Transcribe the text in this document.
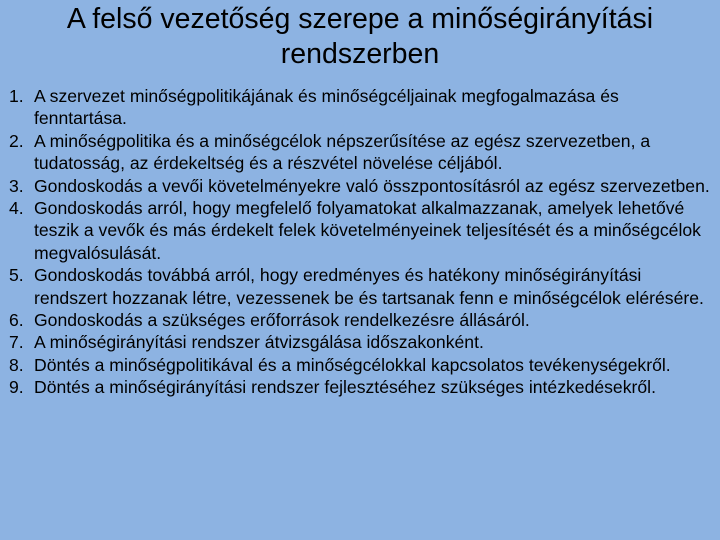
A felső vezetőség szerepe a minőségirányítási rendszerben
1. A szervezet minőségpolitikájának és minőségcéljainak megfogalmazása és fenntartása.
2. A minőségpolitika és a minőségcélok népszerűsítése az egész szervezetben, a tudatosság, az érdekeltség és a részvétel növelése céljából.
3. Gondoskodás a vevői követelményekre való összpontosításról az egész szervezetben.
4. Gondoskodás arról, hogy megfelelő folyamatokat alkalmazzanak, amelyek lehetővé teszik a vevők és más érdekelt felek követelményeinek teljesítését és a minőségcélok megvalósulását.
5. Gondoskodás továbbá arról, hogy eredményes és hatékony minőségirányítási rendszert hozzanak létre, vezessenek be és tartsanak fenn e minőségcélok elérésére.
6. Gondoskodás a szükséges erőforrások rendelkezésre állásáról.
7. A minőségirányítási rendszer átvizsgálása időszakonként.
8. Döntés a minőségpolitikával és a minőségcélokkal kapcsolatos tevékenységekről.
9. Döntés a minőségirányítási rendszer fejlesztéséhez szükséges intézkedésekről.
